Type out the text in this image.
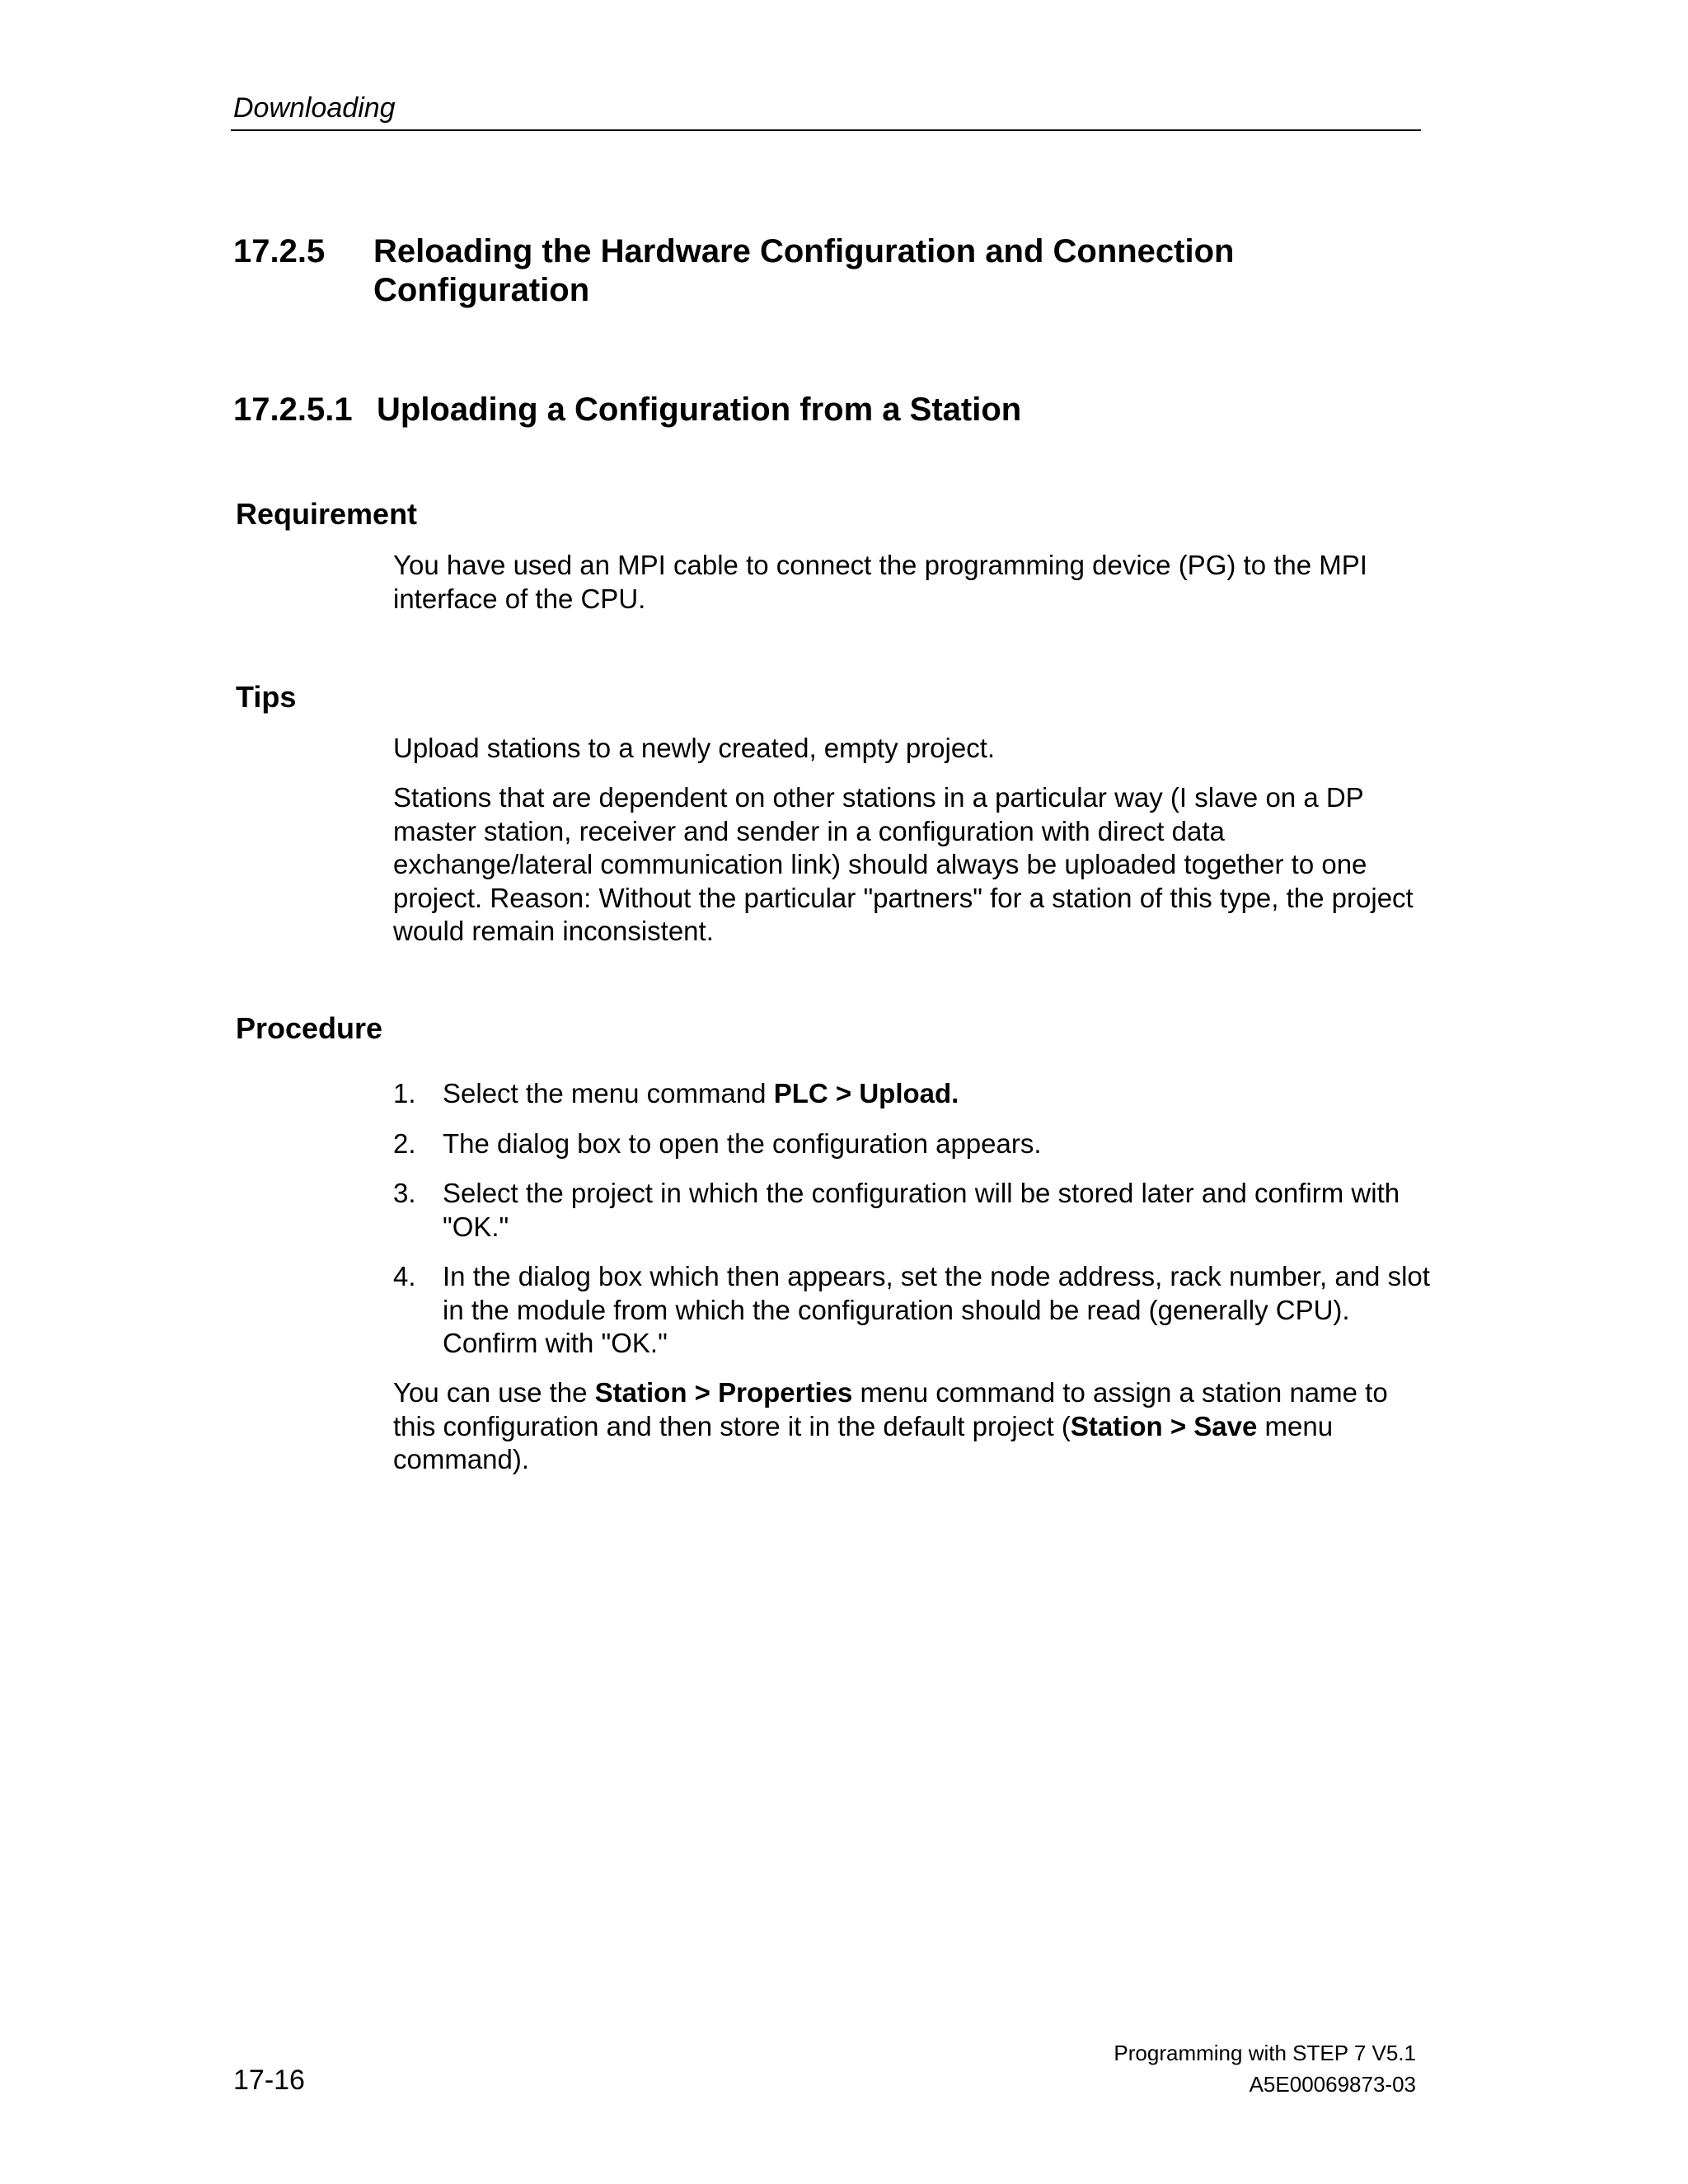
Downloading
17.2.5 Reloading the Hardware Configuration and Connection Configuration
17.2.5.1 Uploading a Configuration from a Station
Requirement

You have used an MPI cable to connect the programming device (PG) to the MPI interface of the CPU.

Tips

Upload stations to a newly created, empty project.

Stations that are dependent on other stations in a particular way (I slave on a DP master station, receiver and sender in a configuration with direct data exchange/lateral communication link) should always be uploaded together to one project. Reason: Without the particular "partners" for a station of this type, the project would remain inconsistent.

Procedure
1. Select the menu command PLC > Upload.
2. The dialog box to open the configuration appears.
3. Select the project in which the configuration will be stored later and confirm with "OK."
4. In the dialog box which then appears, set the node address, rack number, and slot in the module from which the configuration should be read (generally CPU). Confirm with "OK."
You can use the Station > Properties menu command to assign a station name to this configuration and then store it in the default project (Station > Save menu command).
17-16
Programming with STEP 7 V5.1
A5E00069873-03
